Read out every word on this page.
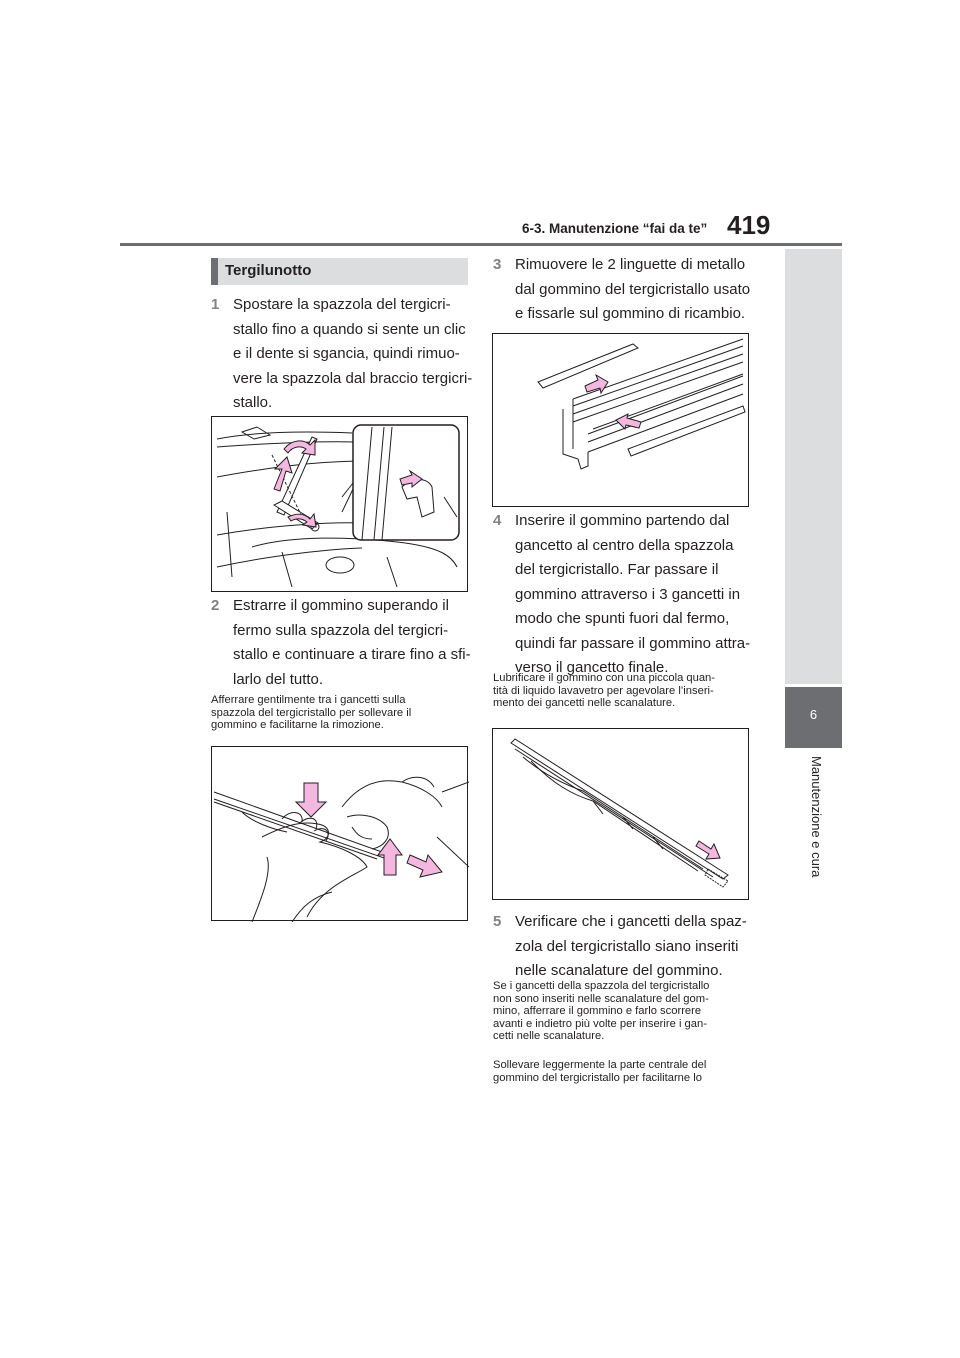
6-3. Manutenzione “fai da te” 419
6
Manutenzione e cura
Tergilunotto
1 Spostare la spazzola del tergicri-
stallo fino a quando si sente un clic
e il dente si sgancia, quindi rimuo-
vere la spazzola dal braccio tergicri-
stallo.
2 Estrarre il gommino superando il
fermo sulla spazzola del tergicri-
stallo e continuare a tirare fino a sfi-
larlo del tutto.
Afferrare gentilmente tra i gancetti sulla
spazzola del tergicristallo per sollevare il
gommino e facilitarne la rimozione.
3 Rimuovere le 2 linguette di metallo
dal gommino del tergicristallo usato
e fissarle sul gommino di ricambio.
4 Inserire il gommino partendo dal
gancetto al centro della spazzola
del tergicristallo. Far passare il
gommino attraverso i 3 gancetti in
modo che spunti fuori dal fermo,
quindi far passare il gommino attra-
verso il gancetto finale.
Lubrificare il gommino con una piccola quan-
tità di liquido lavavetro per agevolare l’inseri-
mento dei gancetti nelle scanalature.
5 Verificare che i gancetti della spaz-
zola del tergicristallo siano inseriti
nelle scanalature del gommino.
Se i gancetti della spazzola del tergicristallo
non sono inseriti nelle scanalature del gom-
mino, afferrare il gommino e farlo scorrere
avanti e indietro più volte per inserire i gan-
cetti nelle scanalature.
Sollevare leggermente la parte centrale del
gommino del tergicristallo per facilitarne lo
